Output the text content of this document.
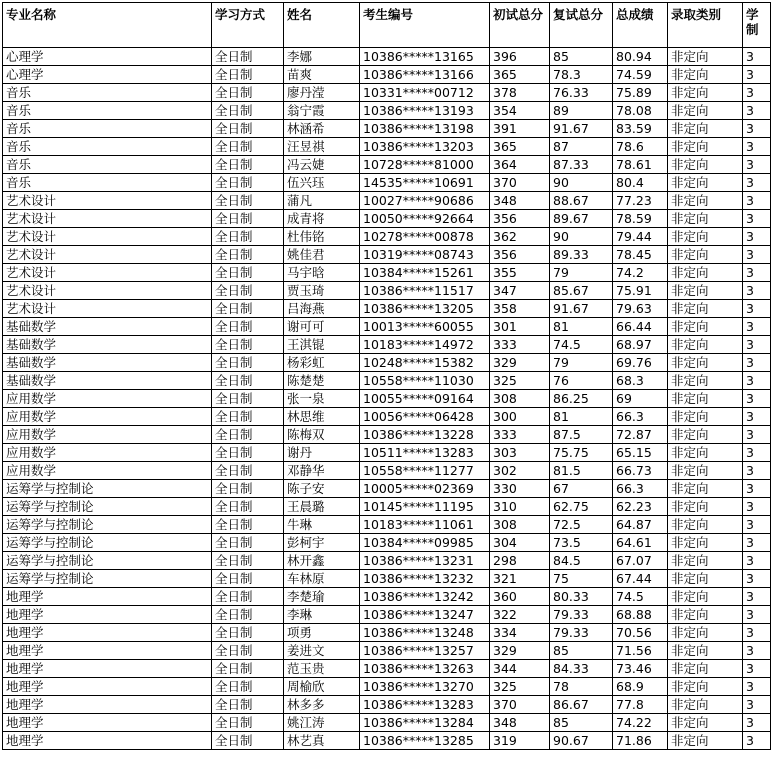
专业名称	学习方式	姓名	考生编号	初试总分	复试总分	总成绩	录取类别	学制
心理学	全日制	李娜	10386*****13165	396	85	80.94	非定向	3
心理学	全日制	苗爽	10386*****13166	365	78.3	74.59	非定向	3
音乐	全日制	廖丹滢	10331*****00712	378	76.33	75.89	非定向	3
音乐	全日制	翁宁霞	10386*****13193	354	89	78.08	非定向	3
音乐	全日制	林涵希	10386*****13198	391	91.67	83.59	非定向	3
音乐	全日制	汪昱祺	10386*****13203	365	87	78.6	非定向	3
音乐	全日制	冯云婕	10728*****81000	364	87.33	78.61	非定向	3
音乐	全日制	伍兴珏	14535*****10691	370	90	80.4	非定向	3
艺术设计	全日制	蒲凡	10027*****90686	348	88.67	77.23	非定向	3
艺术设计	全日制	成青将	10050*****92664	356	89.67	78.59	非定向	3
艺术设计	全日制	杜伟铭	10278*****00878	362	90	79.44	非定向	3
艺术设计	全日制	姚佳君	10319*****08743	356	89.33	78.45	非定向	3
艺术设计	全日制	马宇晗	10384*****15261	355	79	74.2	非定向	3
艺术设计	全日制	贾玉琦	10386*****11517	347	85.67	75.91	非定向	3
艺术设计	全日制	吕海燕	10386*****13205	358	91.67	79.63	非定向	3
基础数学	全日制	谢可可	10013*****60055	301	81	66.44	非定向	3
基础数学	全日制	王淇锟	10183*****14972	333	74.5	68.97	非定向	3
基础数学	全日制	杨彩虹	10248*****15382	329	79	69.76	非定向	3
基础数学	全日制	陈楚楚	10558*****11030	325	76	68.3	非定向	3
应用数学	全日制	张一泉	10055*****09164	308	86.25	69	非定向	3
应用数学	全日制	林思维	10056*****06428	300	81	66.3	非定向	3
应用数学	全日制	陈梅双	10386*****13228	333	87.5	72.87	非定向	3
应用数学	全日制	谢丹	10511*****13283	303	75.75	65.15	非定向	3
应用数学	全日制	邓静华	10558*****11277	302	81.5	66.73	非定向	3
运筹学与控制论	全日制	陈子安	10005*****02369	330	67	66.3	非定向	3
运筹学与控制论	全日制	王晨璐	10145*****11195	310	62.75	62.23	非定向	3
运筹学与控制论	全日制	牛琳	10183*****11061	308	72.5	64.87	非定向	3
运筹学与控制论	全日制	彭柯宇	10384*****09985	304	73.5	64.61	非定向	3
运筹学与控制论	全日制	林开鑫	10386*****13231	298	84.5	67.07	非定向	3
运筹学与控制论	全日制	车林原	10386*****13232	321	75	67.44	非定向	3
地理学	全日制	李楚瑜	10386*****13242	360	80.33	74.5	非定向	3
地理学	全日制	李琳	10386*****13247	322	79.33	68.88	非定向	3
地理学	全日制	项勇	10386*****13248	334	79.33	70.56	非定向	3
地理学	全日制	姜进文	10386*****13257	329	85	71.56	非定向	3
地理学	全日制	范玉贵	10386*****13263	344	84.33	73.46	非定向	3
地理学	全日制	周榆欣	10386*****13270	325	78	68.9	非定向	3
地理学	全日制	林多多	10386*****13283	370	86.67	77.8	非定向	3
地理学	全日制	姚江涛	10386*****13284	348	85	74.22	非定向	3
地理学	全日制	林艺真	10386*****13285	319	90.67	71.86	非定向	3
